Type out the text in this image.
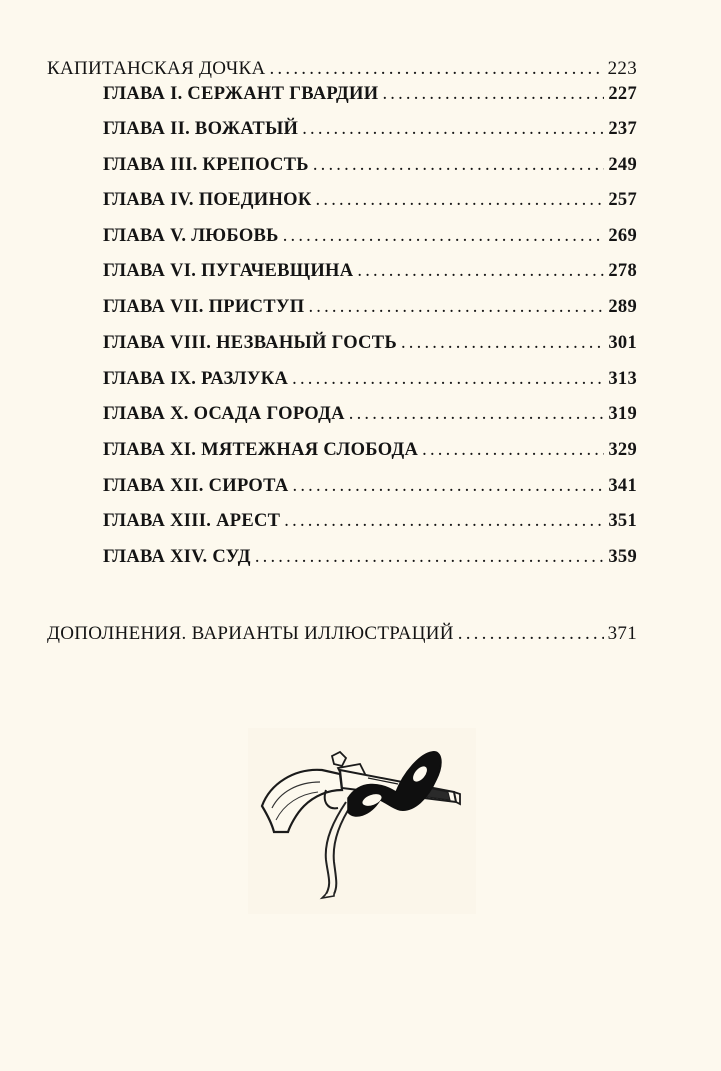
КАПИТАНСКАЯ ДОЧКА .....	223
ГЛАВА I. СЕРЖАНТ ГВАРДИИ .....	227
ГЛАВА II. ВОЖАТЫЙ .....	237
ГЛАВА III. КРЕПОСТЬ .....	249
ГЛАВА IV. ПОЕДИНОК .....	257
ГЛАВА V. ЛЮБОВЬ .....	269
ГЛАВА VI. ПУГАЧЕВЩИНА .....	278
ГЛАВА VII. ПРИСТУП .....	289
ГЛАВА VIII. НЕЗВАНЫЙ ГОСТЬ .....	301
ГЛАВА IX. РАЗЛУКА .....	313
ГЛАВА X. ОСАДА ГОРОДА .....	319
ГЛАВА XI. МЯТЕЖНАЯ СЛОБОДА .....	329
ГЛАВА XII. СИРОТА .....	341
ГЛАВА XIII. АРЕСТ .....	351
ГЛАВА XIV. СУД .....	359
ДОПОЛНЕНИЯ. ВАРИАНТЫ ИЛЛЮСТРАЦИЙ .....	371
